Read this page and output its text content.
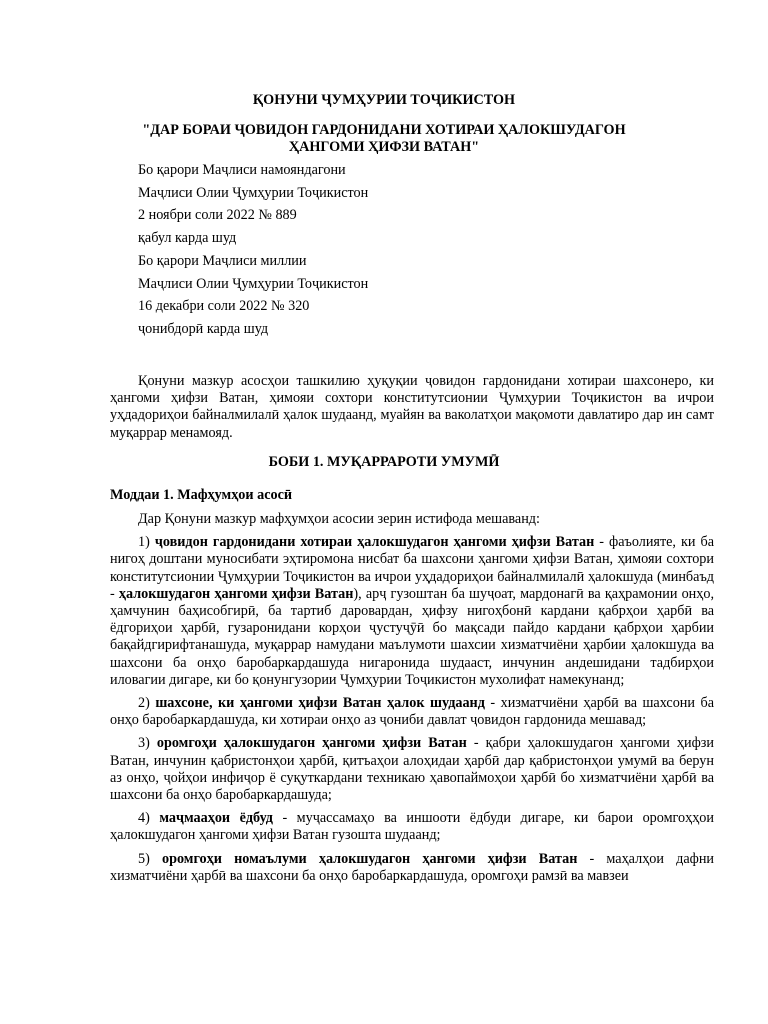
ҚОНУНИ ҶУМҲУРИИ ТОҶИКИСТОН
"ДАР БОРАИ ҶОВИДОН ГАРДОНИДАНИ ХОТИРАИ ҲАЛОКШУДАГОН ҲАНГОМИ ҲИФЗИ ВАТАН"

Бо қарори Маҷлиси намояндагони

Маҷлиси Олии Ҷумҳурии Тоҷикистон

2 ноябри соли 2022 № 889

қабул карда шуд

Бо қарори Маҷлиси миллии

Маҷлиси Олии Ҷумҳурии Тоҷикистон

16 декабри соли 2022 № 320

ҷонибдорӣ карда шуд

Қонуни мазкур асосҳои ташкилию ҳуқуқии ҷовидон гардонидани хотираи шахсонеро, ки ҳангоми ҳифзи Ватан, ҳимояи сохтори конститутсионии Ҷумҳурии Тоҷикистон ва ичрои уҳдадориҳои байналмилалӣ ҳалок шудаанд, муайян ва ваколатҳои мақомоти давлатиро дар ин самт муқаррар менамояд.

БОБИ 1. МУҚАРРАРОТИ УМУМӢ
Моддаи 1. Мафҳумҳои асосӣ

Дар Қонуни мазкур мафҳумҳои асосии зерин истифода мешаванд:

1) ҷовидон гардонидани хотираи ҳалокшудагон ҳангоми ҳифзи Ватан - фаъолияте, ки ба нигоҳ доштани муносибати эҳтиромона нисбат ба шахсони ҳангоми ҳифзи Ватан, ҳимояи сохтори конститутсионии Ҷумҳурии Тоҷикистон ва ичрои уҳдадориҳои байналмилалӣ ҳалокшуда (минбаъд - ҳалокшудагон ҳангоми ҳифзи Ватан), арҷ гузоштан ба шуҷоат, мардонагӣ ва қаҳрамонии онҳо, ҳамчунин баҳисобгирӣ, ба тартиб даровардан, ҳифзу нигоҳбонӣ кардани қабрҳои ҳарбӣ ва ёдгориҳои ҳарбӣ, гузаронидани корҳои ҷустуҷӯӣ бо мақсади пайдо кардани қабрҳои ҳарбии бақайдгирифтанашуда, муқаррар намудани маълумоти шахсии хизматчиёни ҳарбии ҳалокшуда ва шахсони ба онҳо баробаркардашуда нигаронида шудааст, инчунин андешидани тадбирҳои иловагии дигаре, ки бо қонунгузории Ҷумҳурии Тоҷикистон мухолифат намекунанд;

2) шахсоне, ки ҳангоми ҳифзи Ватан ҳалок шудаанд - хизматчиёни ҳарбӣ ва шахсони ба онҳо баробаркардашуда, ки хотираи онҳо аз ҷониби давлат ҷовидон гардонида мешавад;

3) оромгоҳи ҳалокшудагон ҳангоми ҳифзи Ватан - қабри ҳалокшудагон ҳангоми ҳифзи Ватан, инчунин қабристонҳои ҳарбӣ, қитъаҳои алоҳидаи ҳарбӣ дар қабристонҳои умумӣ ва берун аз онҳо, ҷойҳои инфиҷор ё суқуткардани техникаю ҳавопаймоҳои ҳарбӣ бо хизматчиёни ҳарбӣ ва шахсони ба онҳо баробаркардашуда;

4) маҷмааҳои ёдбуд - муҷассамаҳо ва иншооти ёдбуди дигаре, ки барои оромгоҳҳои ҳалокшудагон ҳангоми ҳифзи Ватан гузошта шудаанд;

5) оромгоҳи номаълуми ҳалокшудагон ҳангоми ҳифзи Ватан - маҳалҳои дафни хизматчиёни ҳарбӣ ва шахсони ба онҳо баробаркардашуда, оромгоҳи рамзӣ ва мавзеи
